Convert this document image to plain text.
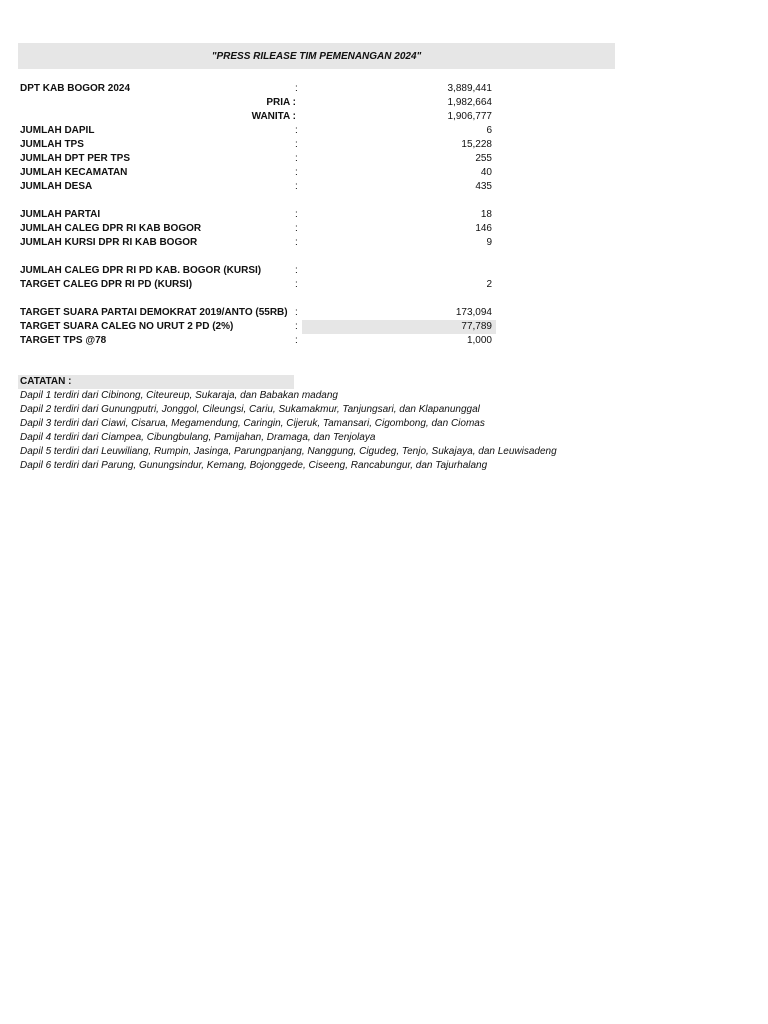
"PRESS RILEASE TIM PEMENANGAN 2024"
DPT KAB BOGOR 2024	:	3,889,441
PRIA :	1,982,664
WANITA :	1,906,777
JUMLAH DAPIL	:	6
JUMLAH TPS	:	15,228
JUMLAH DPT PER TPS	:	255
JUMLAH KECAMATAN	:	40
JUMLAH DESA	:	435
JUMLAH PARTAI	:	18
JUMLAH CALEG DPR RI KAB BOGOR	:	146
JUMLAH KURSI DPR RI KAB BOGOR	:	9
JUMLAH CALEG DPR RI PD KAB. BOGOR (KURSI)	:
TARGET CALEG DPR RI PD (KURSI)	:	2
TARGET SUARA PARTAI DEMOKRAT 2019/ANTO (55RB) :	173,094
TARGET SUARA CALEG NO URUT 2 PD (2%)	:	77,789
TARGET TPS @78	:	1,000
CATATAN :
Dapil 1 terdiri dari Cibinong, Citeureup, Sukaraja, dan Babakan madang
Dapil 2 terdiri dari Gunungputri, Jonggol, Cileungsi, Cariu, Sukamakmur, Tanjungsari, dan Klapanunggal
Dapil 3 terdiri dari Ciawi, Cisarua, Megamendung, Caringin, Cijeruk, Tamansari, Cigombong, dan Ciomas
Dapil 4 terdiri dari Ciampea, Cibungbulang, Pamijahan, Dramaga, dan Tenjolaya
Dapil 5 terdiri dari Leuwiliang, Rumpin, Jasinga, Parungpanjang, Nanggung, Cigudeg, Tenjo, Sukajaya, dan Leuwisadeng
Dapil 6 terdiri dari Parung, Gunungsindur, Kemang, Bojonggede, Ciseeng, Rancabungur, dan Tajurhalang
